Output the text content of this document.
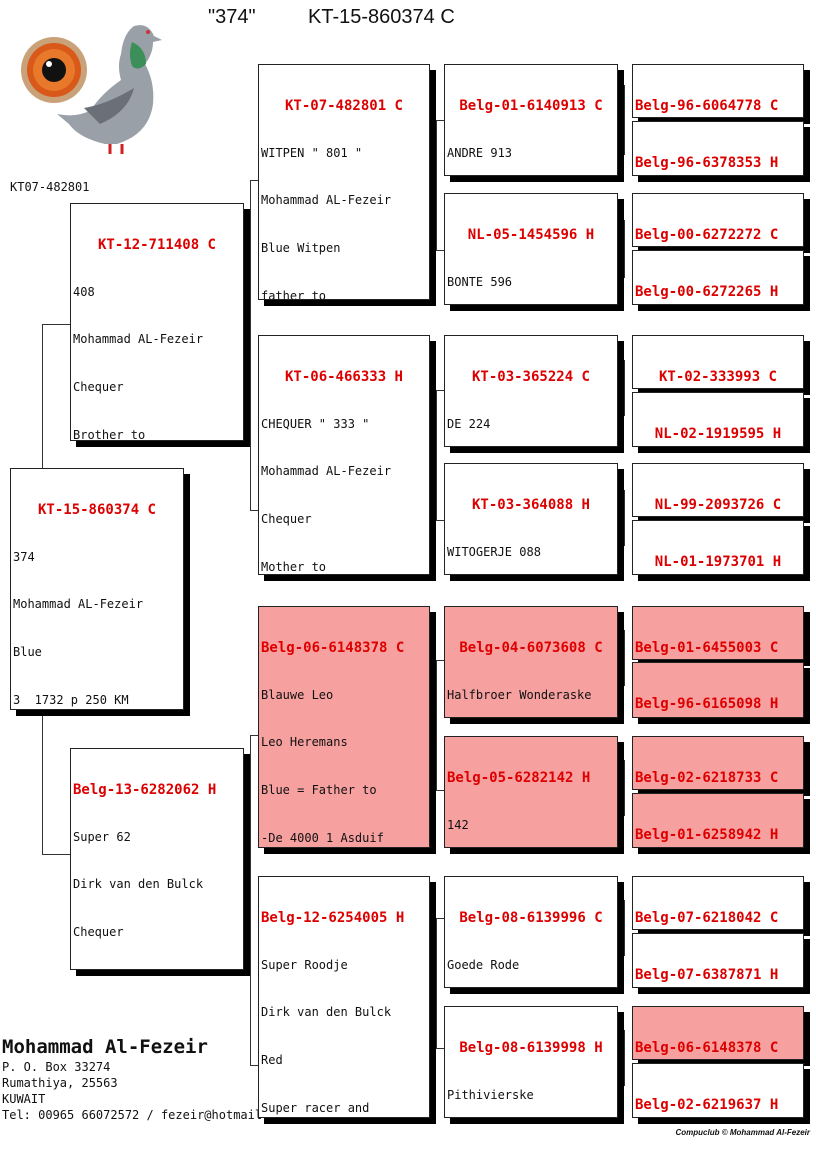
"374"	KT-15-860374 C
KT07-482801

KT-15-860374 C

374

Mohammad AL-Fezeir

Blue

3  1732 p 250 KM

KT-12-711408 C

408

Mohammad AL-Fezeir

Chequer

Brother to

Belg-13-6282062 H

Super 62

Dirk van den Bulck

Chequer

KT-07-482801 C

WITPEN " 801 "

Mohammad AL-Fezeir

Blue Witpen

father to

KT-06-466333 H

CHEQUER " 333 "

Mohammad AL-Fezeir

Chequer

Mother to

Belg-06-6148378 C

Blauwe Leo

Leo Heremans

Blue = Father to

-De 4000 1 Asduif

Belg-12-6254005 H

Super Roodje

Dirk van den Bulck

Red

Super racer and

Belg-01-6140913 C

ANDRE 913

NL-05-1454596 H

BONTE 596

KT-03-365224 C

DE 224

KT-03-364088 H

WITOGERJE 088

Belg-04-6073608 C

Halfbroer Wonderaske

Belg-05-6282142 H

142

Belg-08-6139996 C

Goede Rode

Belg-08-6139998 H

Pithivierske

Belg-96-6064778 C

Belg-96-6378353 H

Belg-00-6272272 C

Belg-00-6272265 H

KT-02-333993 C

NL-02-1919595 H

NL-99-2093726 C

NL-01-1973701 H

Belg-01-6455003 C

Belg-96-6165098 H

Belg-02-6218733 C

Belg-01-6258942 H

Belg-07-6218042 C

Belg-07-6387871 H

Belg-06-6148378 C

Belg-02-6219637 H

Mohammad Al-Fezeir
P. O. Box 33274
Rumathiya, 25563
KUWAIT
Tel: 00965 66072572 / fezeir@hotmail.
Compuclub © Mohammad Al-Fezeir
